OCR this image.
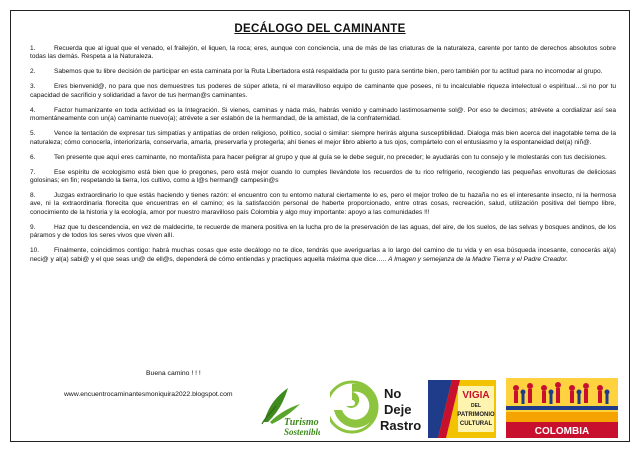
DECÁLOGO DEL CAMINANTE

1.	Recuerda que al igual que el venado, el frailejón, el liquen, la roca; eres, aunque con conciencia, una de más de las criaturas de la naturaleza, carente por tanto de derechos absolutos sobre todas las demás. Respeta a la Naturaleza.

2.	Sabemos que tu libre decisión de participar en esta caminata por la Ruta Libertadora está respaldada por tu gusto para sentirte bien, pero también por tu actitud para no incomodar al grupo.

3.	Eres bienvenid@, no para que nos demuestres tus poderes de súper atleta, ni el maravilloso equipo de caminante que posees, ni tu incalculable riqueza intelectual o espiritual…si no por tu capacidad de sacrificio y solidaridad a favor de tus herman@s caminantes.

4.	Factor humanizante en toda actividad es la Integración. Si vienes, caminas y nada más, habrás venido y caminado lastimosamente sol@. Por eso te decimos; atrévete a cordializar así sea momentáneamente con un(a) caminante nuevo(a); atrévete a ser eslabón de la hermandad, de la amistad, de la confraternidad.

5.	Vence la tentación de expresar tus simpatías y antipatías de orden religioso, político, social o similar: siempre herirás alguna susceptibilidad. Dialoga más bien acerca del inagotable tema de la naturaleza; cómo conocerla, interiorizarla, conservarla, amarla, preservarla y protegerla; ahí tienes el mejor libro abierto a tus ojos, compártelo con el entusiasmo y la espontaneidad del(a) niñ@.

6.	Ten presente que aquí eres caminante, no montañista para hacer peligrar al grupo y que al guía se le debe seguir, no preceder; le ayudarás con tu consejo y le molestarás con tus decisiones.

7.	Ese espíritu de ecologismo está bien que lo pregones, pero está mejor cuando lo cumples llevándote los recuerdos de tu rico refrigerio, recogiendo las pequeñas envolturas de deliciosas golosinas; en fin; respetando la tierra, los cultivo, como a l@s herman@ campesin@s

8.	Juzgas extraordinario lo que estás haciendo y tienes razón: el encuentro con tu entorno natural ciertamente lo es, pero el mejor trofeo de tu hazaña no es el interesante insecto, ni la hermosa ave, ni la extraordinaria florecita que encuentras en el camino; es la satisfacción personal de haberte proporcionado, entre otras cosas, recreación, salud, utilización positiva del tiempo libre, conocimiento de la historia y la ecología, amor por nuestro maravilloso país Colombia y algo muy importante: apoyo a las comunidades !!!

9.	Haz que tu descendencia, en vez de maldecirte, te recuerde de manera positiva en la lucha pro de la preservación de las aguas, del aire, de los suelos, de las selvas y bosques andinos, de los páramos y de todos los seres vivos que viven allí.

10. Finalmente, coincidimos contigo: habrá muchas cosas que este decálogo no te dice, tendrás que averiguarlas a lo largo del camino de tu vida y en esa búsqueda incesante, conocerás al(a) neci@ y al(a) sabi@ y el que seas un@ de ell@s, dependerá de cómo entiendas y practiques aquella máxima que dice….. A Imagen y semejanza de la Madre Tierra y el Padre Creador.

Buena camino ! ! !
www.encuentrocaminantesmoniquira2022.blogspot.com
Turismo
Sostenible
No
Deje
Rastro
VIGIA
DEL
PATRIMONIO
CULTURAL
COLOMBIA
